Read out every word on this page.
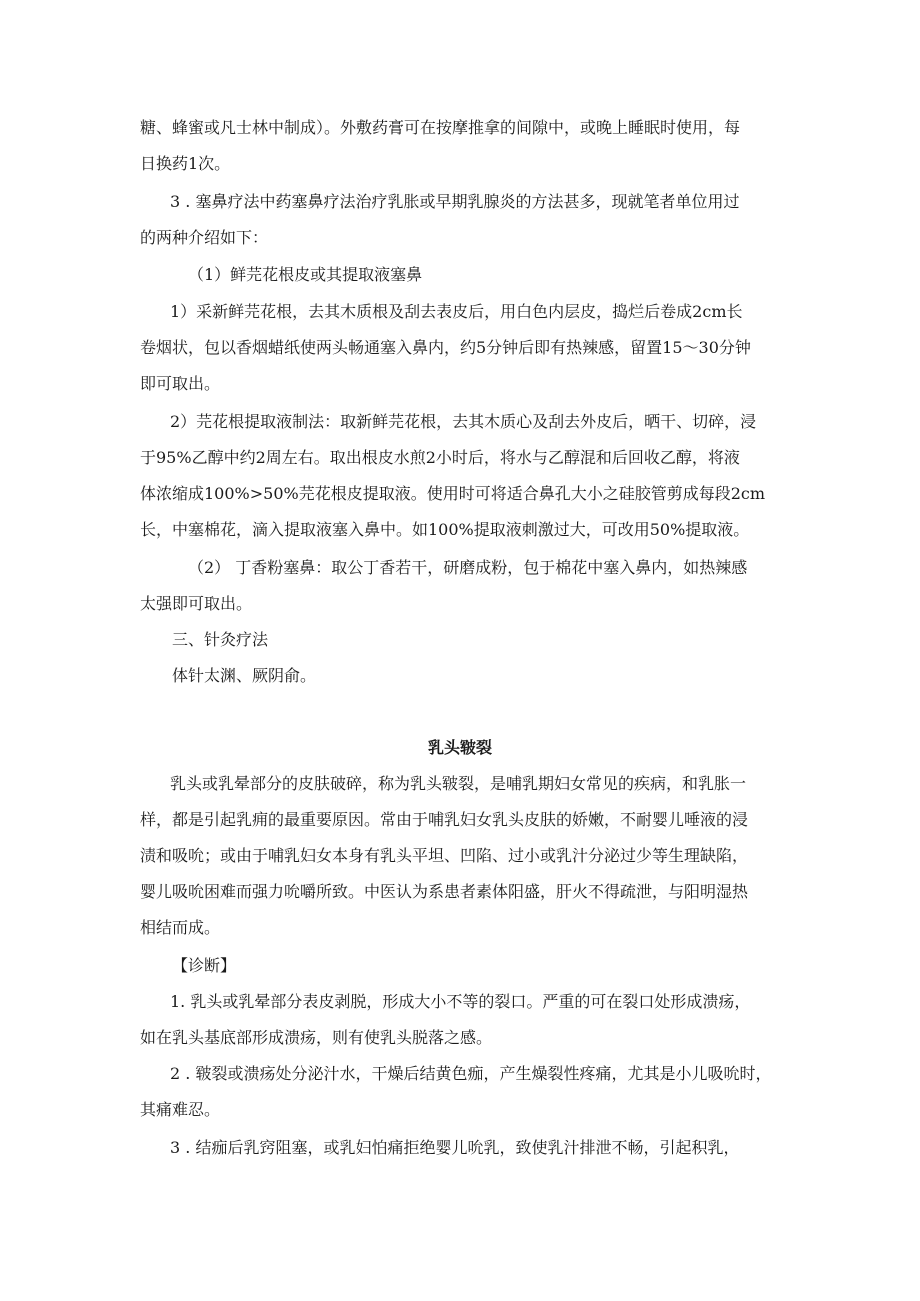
糖、蜂蜜或凡士林中制成）。外敷药膏可在按摩推拿的间隙中，或晚上睡眠时使用，每

日换药1次。

3 . 塞鼻疗法中药塞鼻疗法治疗乳胀或早期乳腺炎的方法甚多，现就笔者单位用过

的两种介绍如下：

（1）鲜芫花根皮或其提取液塞鼻

1）采新鲜芫花根，去其木质根及刮去表皮后，用白色内层皮，捣烂后卷成2cm长

卷烟状，包以香烟蜡纸使两头畅通塞入鼻内，约5分钟后即有热辣感，留置15～30分钟

即可取出。

2）芫花根提取液制法：取新鲜芫花根，去其木质心及刮去外皮后，晒干、切碎，浸

于95%乙醇中约2周左右。取出根皮水煎2小时后，将水与乙醇混和后回收乙醇，将液

体浓缩成100%>50%芫花根皮提取液。使用时可将适合鼻孔大小之硅胶管剪成每段2cm

长，中塞棉花，滴入提取液塞入鼻中。如100%提取液刺激过大，可改用50%提取液。

（2） 丁香粉塞鼻：取公丁香若干，研磨成粉，包于棉花中塞入鼻内，如热辣感

太强即可取出。

三、针灸疗法

体针太渊、厥阴俞。

乳头皲裂

乳头或乳晕部分的皮肤破碎，称为乳头皲裂，是哺乳期妇女常见的疾病，和乳胀一

样，都是引起乳痈的最重要原因。常由于哺乳妇女乳头皮肤的娇嫩，不耐婴儿唾液的浸

渍和吸吮；或由于哺乳妇女本身有乳头平坦、凹陷、过小或乳汁分泌过少等生理缺陷，

婴儿吸吮困难而强力吮嚼所致。中医认为系患者素体阳盛，肝火不得疏泄，与阳明湿热

相结而成。

【诊断】

1. 乳头或乳晕部分表皮剥脱，形成大小不等的裂口。严重的可在裂口处形成溃疡，

如在乳头基底部形成溃疡，则有使乳头脱落之感。

2 . 皲裂或溃疡处分泌汁水，干燥后结黄色痂，产生燥裂性疼痛，尤其是小儿吸吮时，

其痛难忍。

3 . 结痂后乳窍阻塞，或乳妇怕痛拒绝婴儿吮乳，致使乳汁排泄不畅，引起积乳，
